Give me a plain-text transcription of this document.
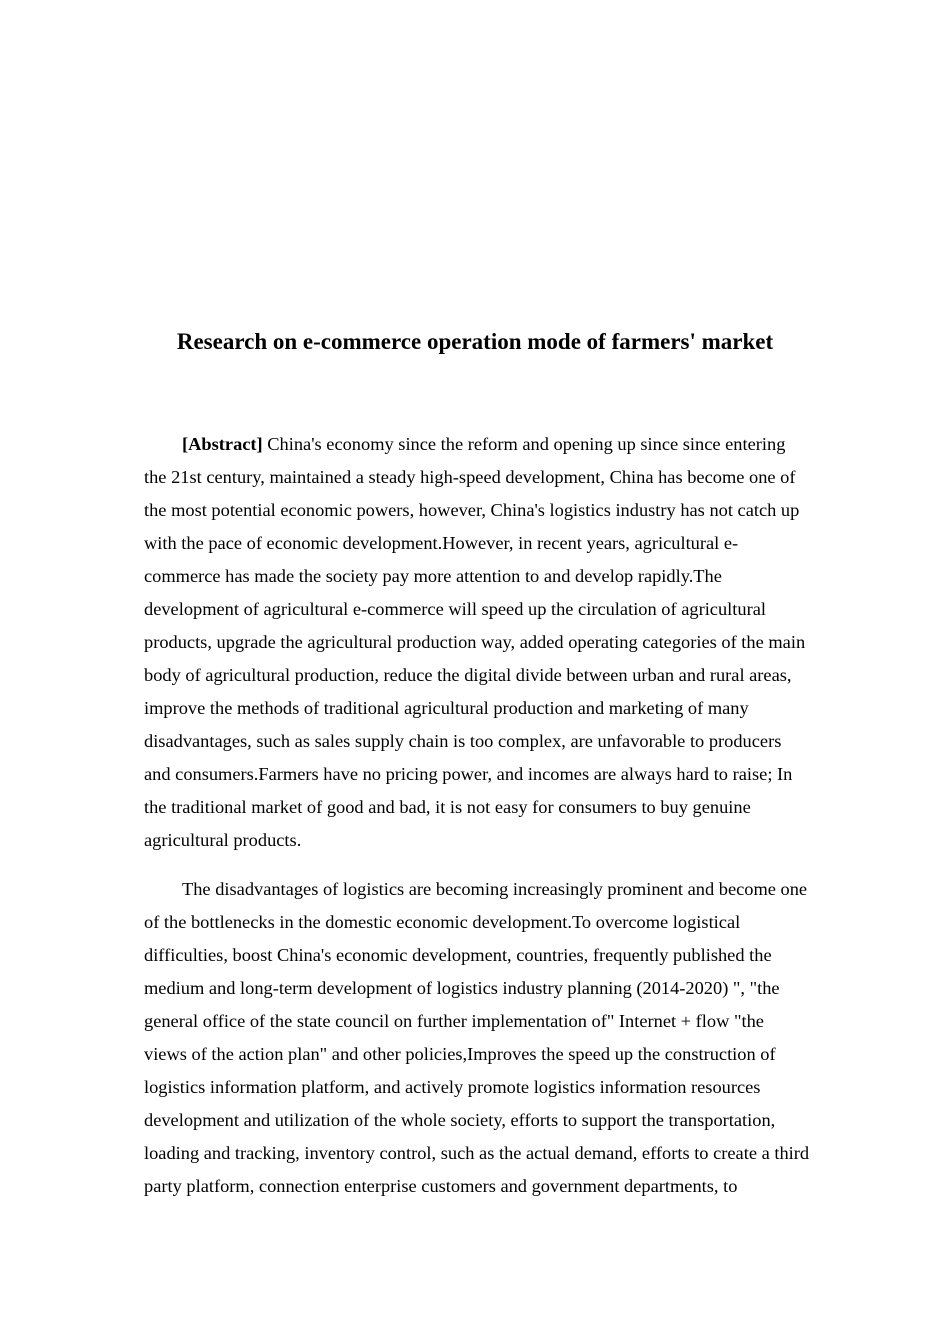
Research on e-commerce operation mode of farmers' market

[Abstract] China's economy since the reform and opening up since since entering the 21st century, maintained a steady high-speed development, China has become one of the most potential economic powers, however, China's logistics industry has not catch up with the pace of economic development.However, in recent years, agricultural e-commerce has made the society pay more attention to and develop rapidly.The development of agricultural e-commerce will speed up the circulation of agricultural products, upgrade the agricultural production way, added operating categories of the main body of agricultural production, reduce the digital divide between urban and rural areas, improve the methods of traditional agricultural production and marketing of many disadvantages, such as sales supply chain is too complex, are unfavorable to producers and consumers.Farmers have no pricing power, and incomes are always hard to raise; In the traditional market of good and bad, it is not easy for consumers to buy genuine agricultural products.

The disadvantages of logistics are becoming increasingly prominent and become one of the bottlenecks in the domestic economic development.To overcome logistical difficulties, boost China's economic development, countries, frequently published the medium and long-term development of logistics industry planning (2014-2020) ", "the general office of the state council on further implementation of" Internet + flow "the views of the action plan" and other policies,Improves the speed up the construction of logistics information platform, and actively promote logistics information resources development and utilization of the whole society, efforts to support the transportation, loading and tracking, inventory control, such as the actual demand, efforts to create a third party platform, connection enterprise customers and government departments, to
